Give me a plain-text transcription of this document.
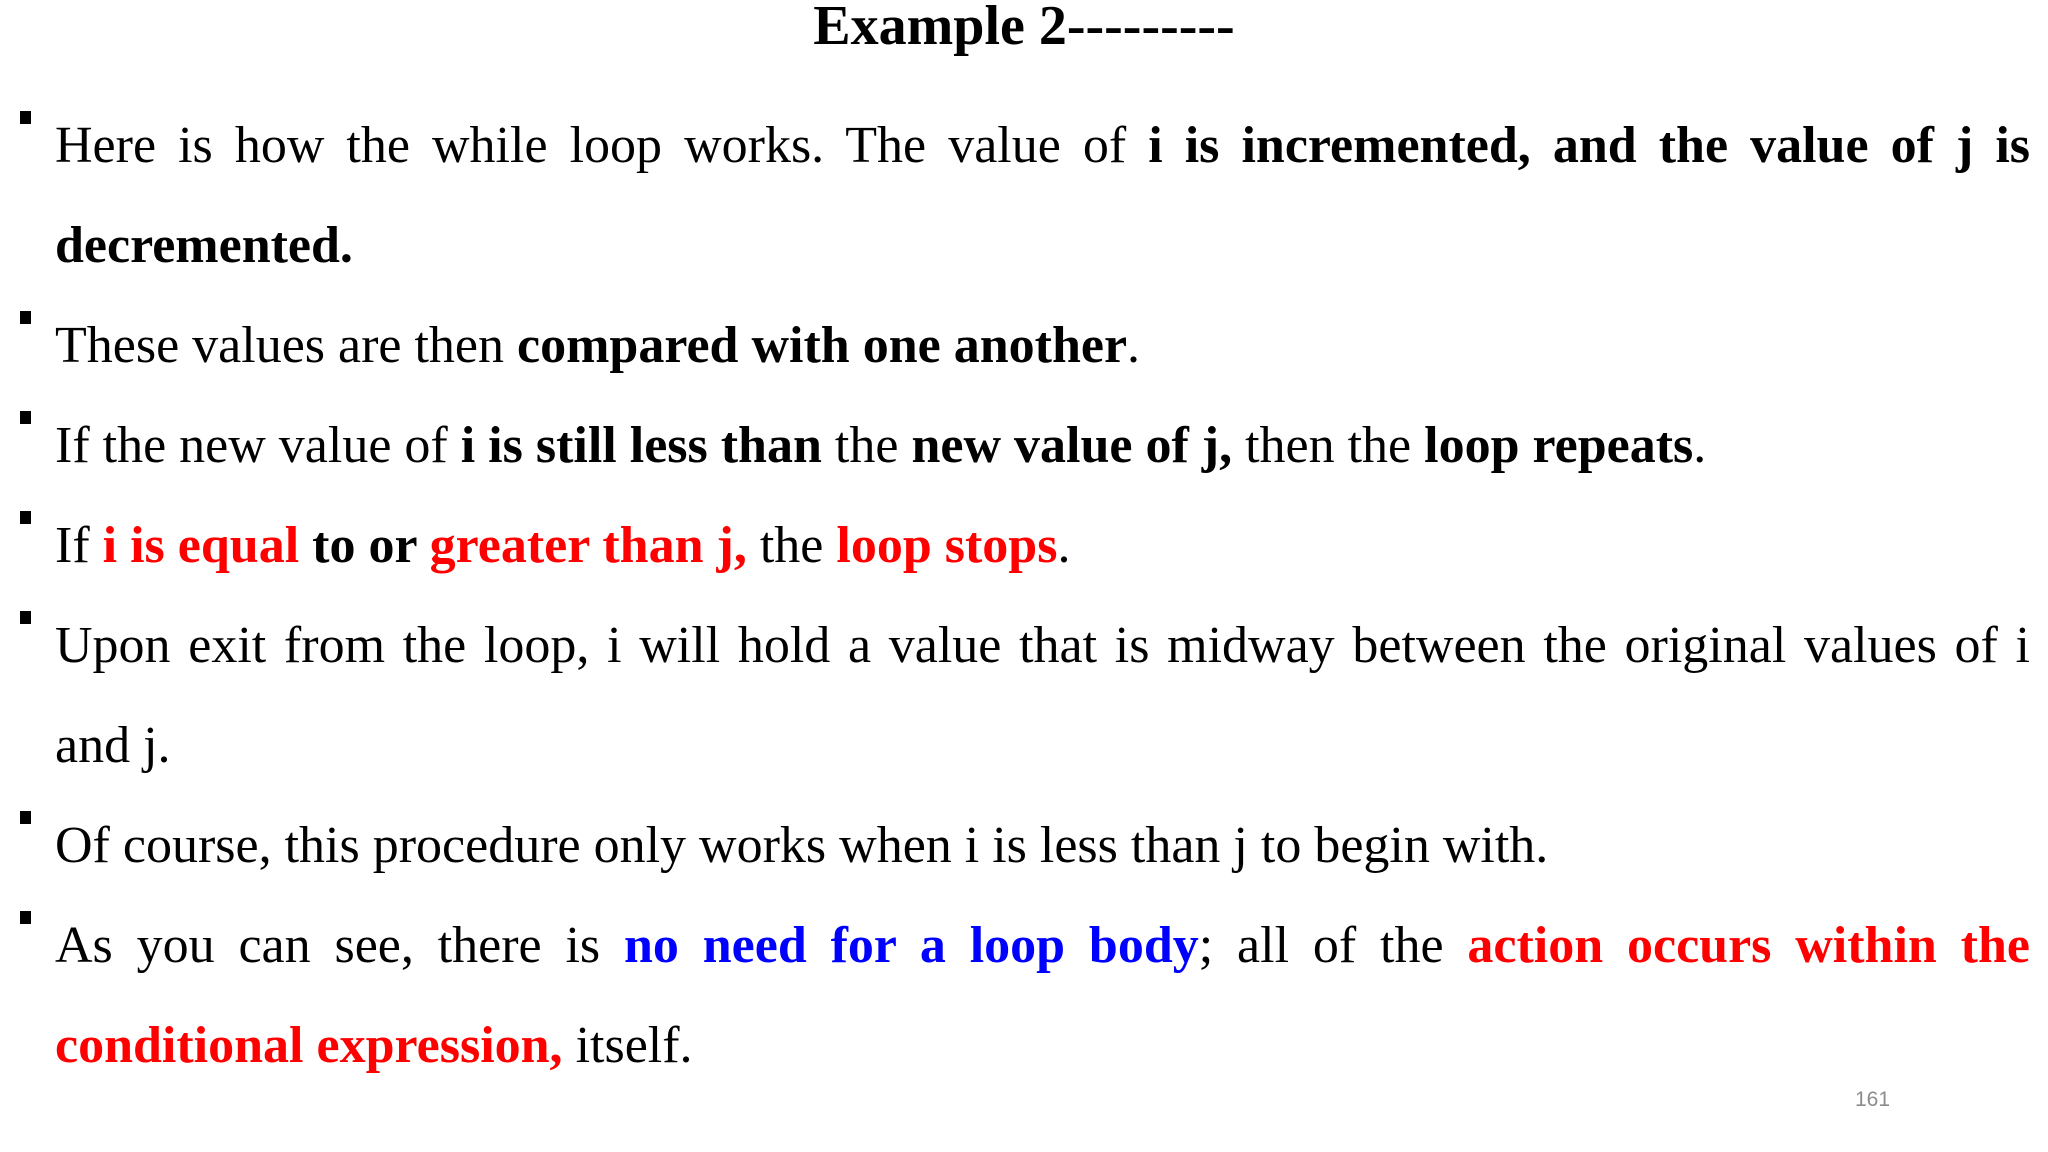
Example 2---------
Here is how the while loop works. The value of i is incremented, and the value of j is decremented.
These values are then compared with one another.
If the new value of i is still less than the new value of j, then the loop repeats.
If i is equal to or greater than j, the loop stops.
Upon exit from the loop, i will hold a value that is midway between the original values of i and j.
Of course, this procedure only works when i is less than j to begin with.
As you can see, there is no need for a loop body; all of the action occurs within the conditional expression, itself.
161
